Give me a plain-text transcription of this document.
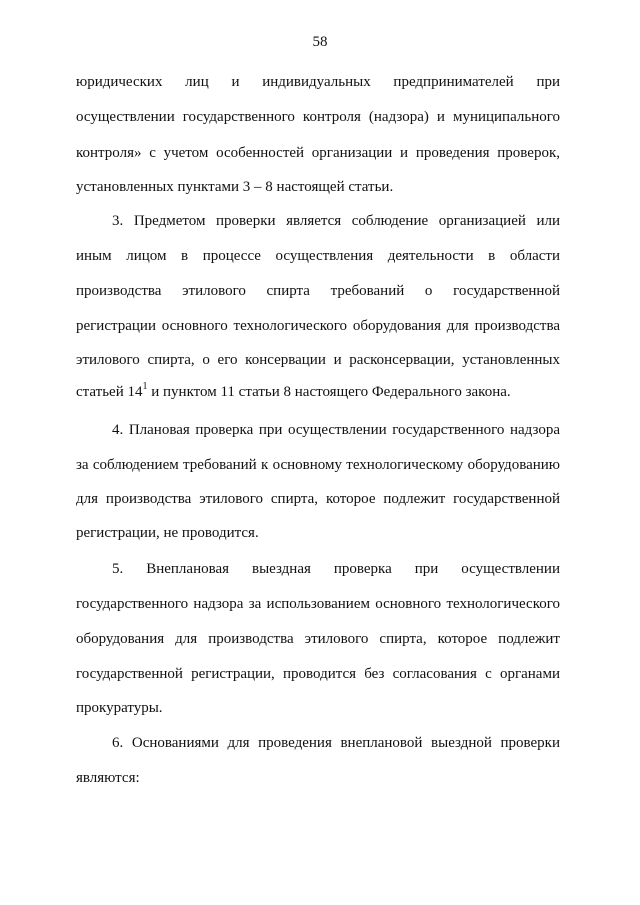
58
юридических лиц и индивидуальных предпринимателей при
осуществлении государственного контроля (надзора) и муниципального
контроля» с учетом особенностей организации и проведения проверок,
установленных пунктами 3 – 8 настоящей статьи.
3. Предметом проверки является соблюдение организацией или
иным лицом в процессе осуществления деятельности в области
производства этилового спирта требований о государственной
регистрации основного технологического оборудования для производства
этилового спирта, о его консервации и расконсервации, установленных
статьей $14^1$ и пунктом 11 статьи 8 настоящего Федерального закона.
4. Плановая проверка при осуществлении государственного надзора
за соблюдением требований к основному технологическому оборудованию
для производства этилового спирта, которое подлежит государственной
регистрации, не проводится.
5. Внеплановая выездная проверка при осуществлении
государственного надзора за использованием основного технологического
оборудования для производства этилового спирта, которое подлежит
государственной регистрации, проводится без согласования с органами
прокуратуры.
6. Основаниями для проведения внеплановой выездной проверки
являются:
